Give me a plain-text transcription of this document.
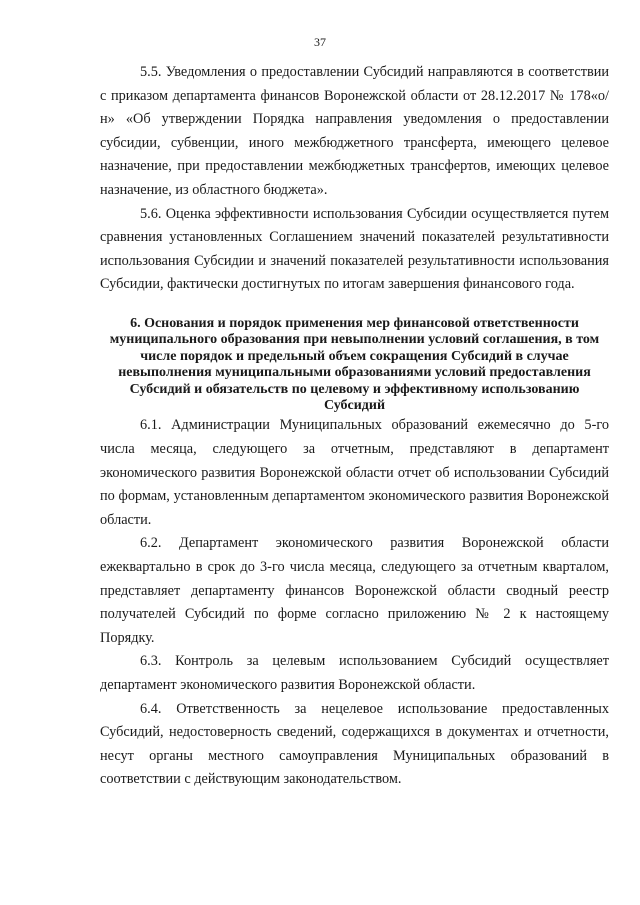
37

5.5. Уведомления о предоставлении Субсидий направляются в соответствии с приказом департамента финансов Воронежской области от 28.12.2017 № 178«о/н» «Об утверждении Порядка направления уведомления о предоставлении субсидии, субвенции, иного межбюджетного трансферта, имеющего целевое назначение, при предоставлении межбюджетных трансфертов, имеющих целевое назначение, из областного бюджета».

5.6. Оценка эффективности использования Субсидии осуществляется путем сравнения установленных Соглашением значений показателей результативности использования Субсидии и значений показателей результативности использования Субсидии, фактически достигнутых по итогам завершения финансового года.

6. Основания и порядок применения мер финансовой ответственности муниципального образования при невыполнении условий соглашения, в том числе порядок и предельный объем сокращения Субсидий в случае невыполнения муниципальными образованиями условий предоставления Субсидий и обязательств по целевому и эффективному использованию Субсидий

6.1. Администрации Муниципальных образований ежемесячно до 5-го числа месяца, следующего за отчетным, представляют в департамент экономического развития Воронежской области отчет об использовании Субсидий по формам, установленным департаментом экономического развития Воронежской области.

6.2. Департамент экономического развития Воронежской области ежеквартально в срок до 3-го числа месяца, следующего за отчетным кварталом, представляет департаменту финансов Воронежской области сводный реестр получателей Субсидий по форме согласно приложению № 2 к настоящему Порядку.

6.3. Контроль за целевым использованием Субсидий осуществляет департамент экономического развития Воронежской области.

6.4. Ответственность за нецелевое использование предоставленных Субсидий, недостоверность сведений, содержащихся в документах и отчетности, несут органы местного самоуправления Муниципальных образований в соответствии с действующим законодательством.
